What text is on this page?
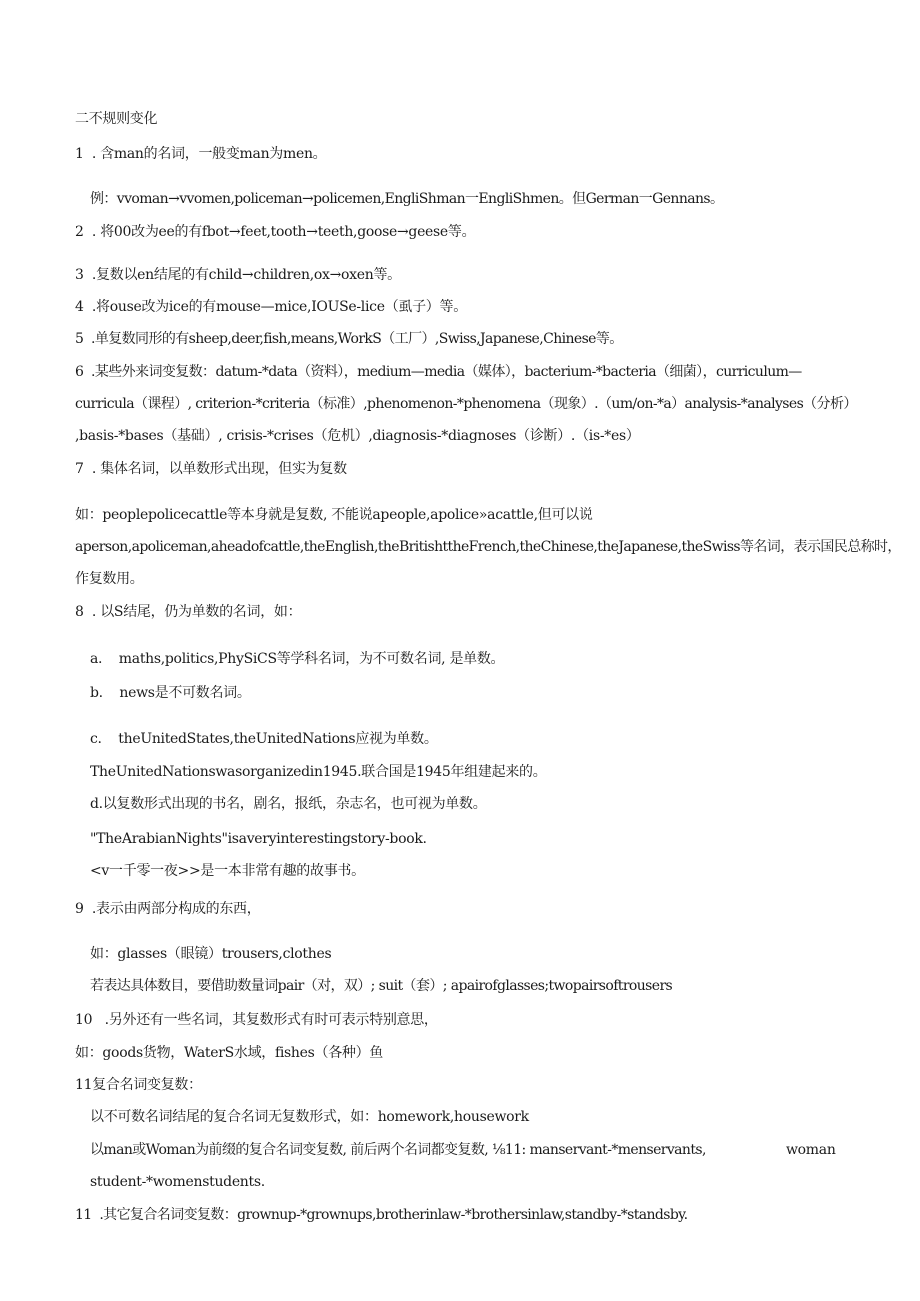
二不规则变化
1  . 含man的名词，一般变man为men。
例：vvoman→vvomen,policeman→policemen,EngliShman一EngliShmen。但German一Gennans。
2  . 将00改为ee的有fbot→feet,tooth→teeth,goose→geese等。
3  .复数以en结尾的有child→children,ox→oxen等。
4  .将ouse改为ice的有mouse—mice,IOUSe-lice（虱子）等。
5  .单复数同形的有sheep,deer,fish,means,WorkS（工厂）,Swiss,Japanese,Chinese等。
6  .某些外来词变复数：datum-*data（资料），medium—media（媒体），bacterium-*bacteria（细菌），curriculum—
curricula（课程）, criterion-*criteria（标准）,phenomenon-*phenomena（现象）.（um∕on-*a）analysis-*analyses（分析）
,basis-*bases（基础）, crisis-*crises（危机）,diagnosis-*diagnoses（诊断）.（is-*es）
7  . 集体名词，以单数形式出现，但实为复数
如：peoplepolicecattle等本身就是复数, 不能说apeople,apolice»acattle,但可以说
aperson,apoliceman,aheadofcattle,theEnglish,theBritishttheFrench,theChinese,theJapanese,theSwiss等名词，表示国民总称时，
作复数用。
8  . 以S结尾，仍为单数的名词，如：
a.    maths,politics,PhySiCS等学科名词，为不可数名词, 是单数。
b.    news是不可数名词。
c.    theUnitedStates,theUnitedNations应视为单数。
TheUnitedNationswasorganizedin1945.联合国是1945年组建起来的。
d.以复数形式出现的书名，剧名，报纸，杂志名，也可视为单数。
"TheArabianNights"isaveryinterestingstory-book.
<v一千零一夜>>是一本非常有趣的故事书。
9  .表示由两部分构成的东西，
如：glasses（眼镜）trousers,clothes
若表达具体数目，要借助数量词pair（对，双）; suit（套）; apairofglasses;twopairsoftrousers
10   .另外还有一些名词，其复数形式有时可表示特别意思，
如：goods货物，WaterS水域，fishes（各种）鱼
11复合名词变复数：
以不可数名词结尾的复合名词无复数形式，如：homework,housework
以man或Woman为前缀的复合名词变复数, 前后两个名词都变复数, ⅛11: manservant-*menservants,	woman
student-*womenstudents.
11  .其它复合名词变复数：grownup-*grownups,brotherinlaw-*brothersinlaw,standby-*standsby.
